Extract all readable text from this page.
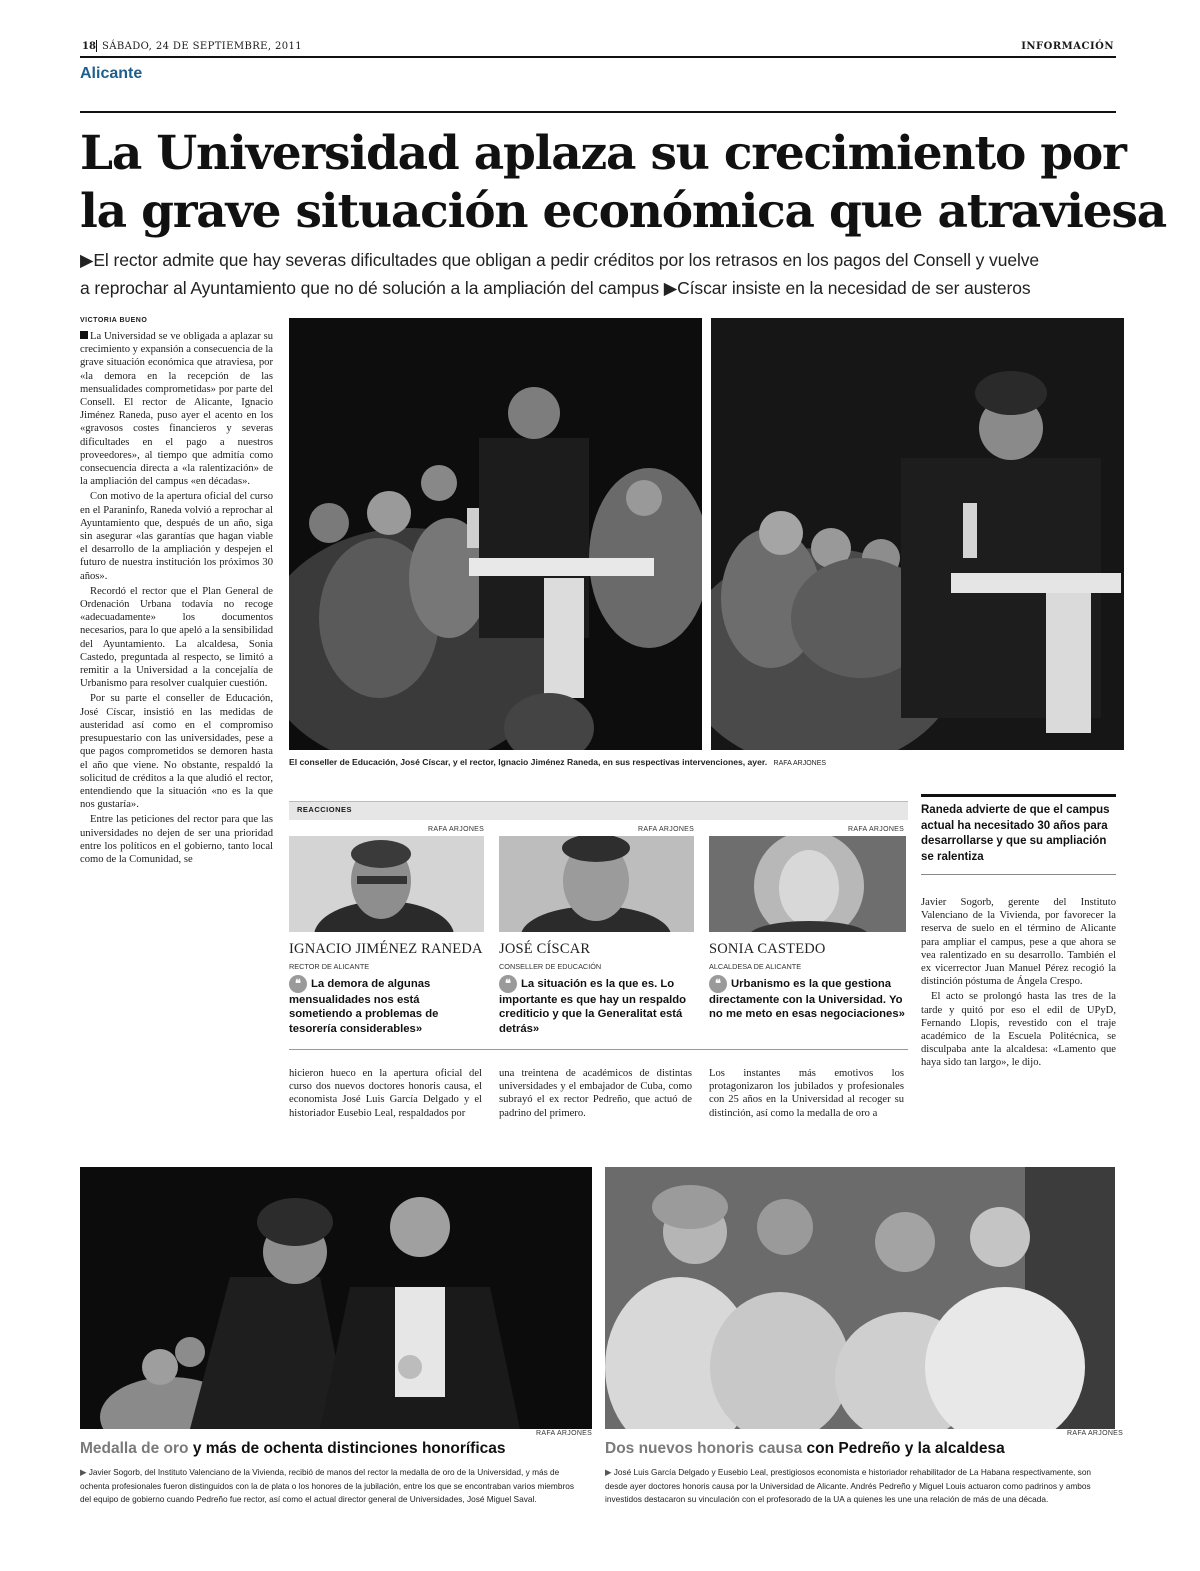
18 SÁBADO, 24 DE SEPTIEMBRE, 2011	INFORMACIÓN
Alicante
La Universidad aplaza su crecimiento por
la grave situación económica que atraviesa
▶El rector admite que hay severas dificultades que obligan a pedir créditos por los retrasos en los pagos del Consell y vuelve
a reprochar al Ayuntamiento que no dé solución a la ampliación del campus ▶Císcar insiste en la necesidad de ser austeros
VICTORIA BUENO

La Universidad se ve obligada a aplazar su crecimiento y expansión a consecuencia de la grave situación económica que atraviesa, por «la demora en la recepción de las mensualidades comprometidas» por parte del Consell. El rector de Alicante, Ignacio Jiménez Raneda, puso ayer el acento en los «gravosos costes financieros y severas dificultades en el pago a nuestros proveedores», al tiempo que admitía como consecuencia directa a «la ralentización» de la ampliación del campus «en décadas».

Con motivo de la apertura oficial del curso en el Paraninfo, Raneda volvió a reprochar al Ayuntamiento que, después de un año, siga sin asegurar «las garantías que hagan viable el desarrollo de la ampliación y despejen el futuro de nuestra institución los próximos 30 años».

Recordó el rector que el Plan General de Ordenación Urbana todavía no recoge «adecuadamente» los documentos necesarios, para lo que apeló a la sensibilidad del Ayuntamiento. La alcaldesa, Sonia Castedo, preguntada al respecto, se limitó a remitir a la Universidad a la concejalía de Urbanismo para resolver cualquier cuestión.

Por su parte el conseller de Educación, José Císcar, insistió en las medidas de austeridad así como en el compromiso presupuestario con las universidades, pese a que pagos comprometidos se demoren hasta el año que viene. No obstante, respaldó la solicitud de créditos a la que aludió el rector, entendiendo que la situación «no es la que nos gustaría».

Entre las peticiones del rector para que las universidades no dejen de ser una prioridad entre los políticos en el gobierno, tanto local como de la Comunidad, se

El conseller de Educación, José Císcar, y el rector, Ignacio Jiménez Raneda, en sus respectivas intervenciones, ayer. RAFA ARJONES
REACCIONES
RAFA ARJONES
IGNACIO JIMÉNEZ RANEDA
RECTOR DE ALICANTE
❝ La demora de algunas mensualidades nos está sometiendo a problemas de tesorería considerables»
RAFA ARJONES
JOSÉ CÍSCAR
CONSELLER DE EDUCACIÓN
❝ La situación es la que es. Lo importante es que hay un respaldo crediticio y que la Generalitat está detrás»
RAFA ARJONES
SONIA CASTEDO
ALCALDESA DE ALICANTE
❝ Urbanismo es la que gestiona directamente con la Universidad. Yo no me meto en esas negociaciones»
hicieron hueco en la apertura oficial del curso dos nuevos doctores honoris causa, el economista José Luis García Delgado y el historiador Eusebio Leal, respaldados por
una treintena de académicos de distintas universidades y el embajador de Cuba, como subrayó el ex rector Pedreño, que actuó de padrino del primero.
Los instantes más emotivos los protagonizaron los jubilados y profesionales con 25 años en la Universidad al recoger su distinción, así como la medalla de oro a
Raneda advierte de que el campus actual ha necesitado 30 años para desarrollarse y que su ampliación se ralentiza

Javier Sogorb, gerente del Instituto Valenciano de la Vivienda, por favorecer la reserva de suelo en el término de Alicante para ampliar el campus, pese a que ahora se vea ralentizado en su desarrollo. También el ex vicerrector Juan Manuel Pérez recogió la distinción póstuma de Ángela Crespo.

El acto se prolongó hasta las tres de la tarde y quitó por eso el edil de UPyD, Fernando Llopis, revestido con el traje académico de la Escuela Politécnica, se disculpaba ante la alcaldesa: «Lamento que haya sido tan largo», le dijo.

RAFA ARJONES	RAFA ARJONES
Medalla de oro y más de ochenta distinciones honoríficas
▶ Javier Sogorb, del Instituto Valenciano de la Vivienda, recibió de manos del rector la medalla de oro de la Universidad, y más de ochenta profesionales fueron distinguidos con la de plata o los honores de la jubilación, entre los que se encontraban varios miembros del equipo de gobierno cuando Pedreño fue rector, así como el actual director general de Universidades, José Miguel Saval.
Dos nuevos honoris causa con Pedreño y la alcaldesa
▶ José Luis García Delgado y Eusebio Leal, prestigiosos economista e historiador rehabilitador de La Habana respectivamente, son desde ayer doctores honoris causa por la Universidad de Alicante. Andrés Pedreño y Miguel Louis actuaron como padrinos y ambos investidos destacaron su vinculación con el profesorado de la UA a quienes les une una relación de más de una década.
